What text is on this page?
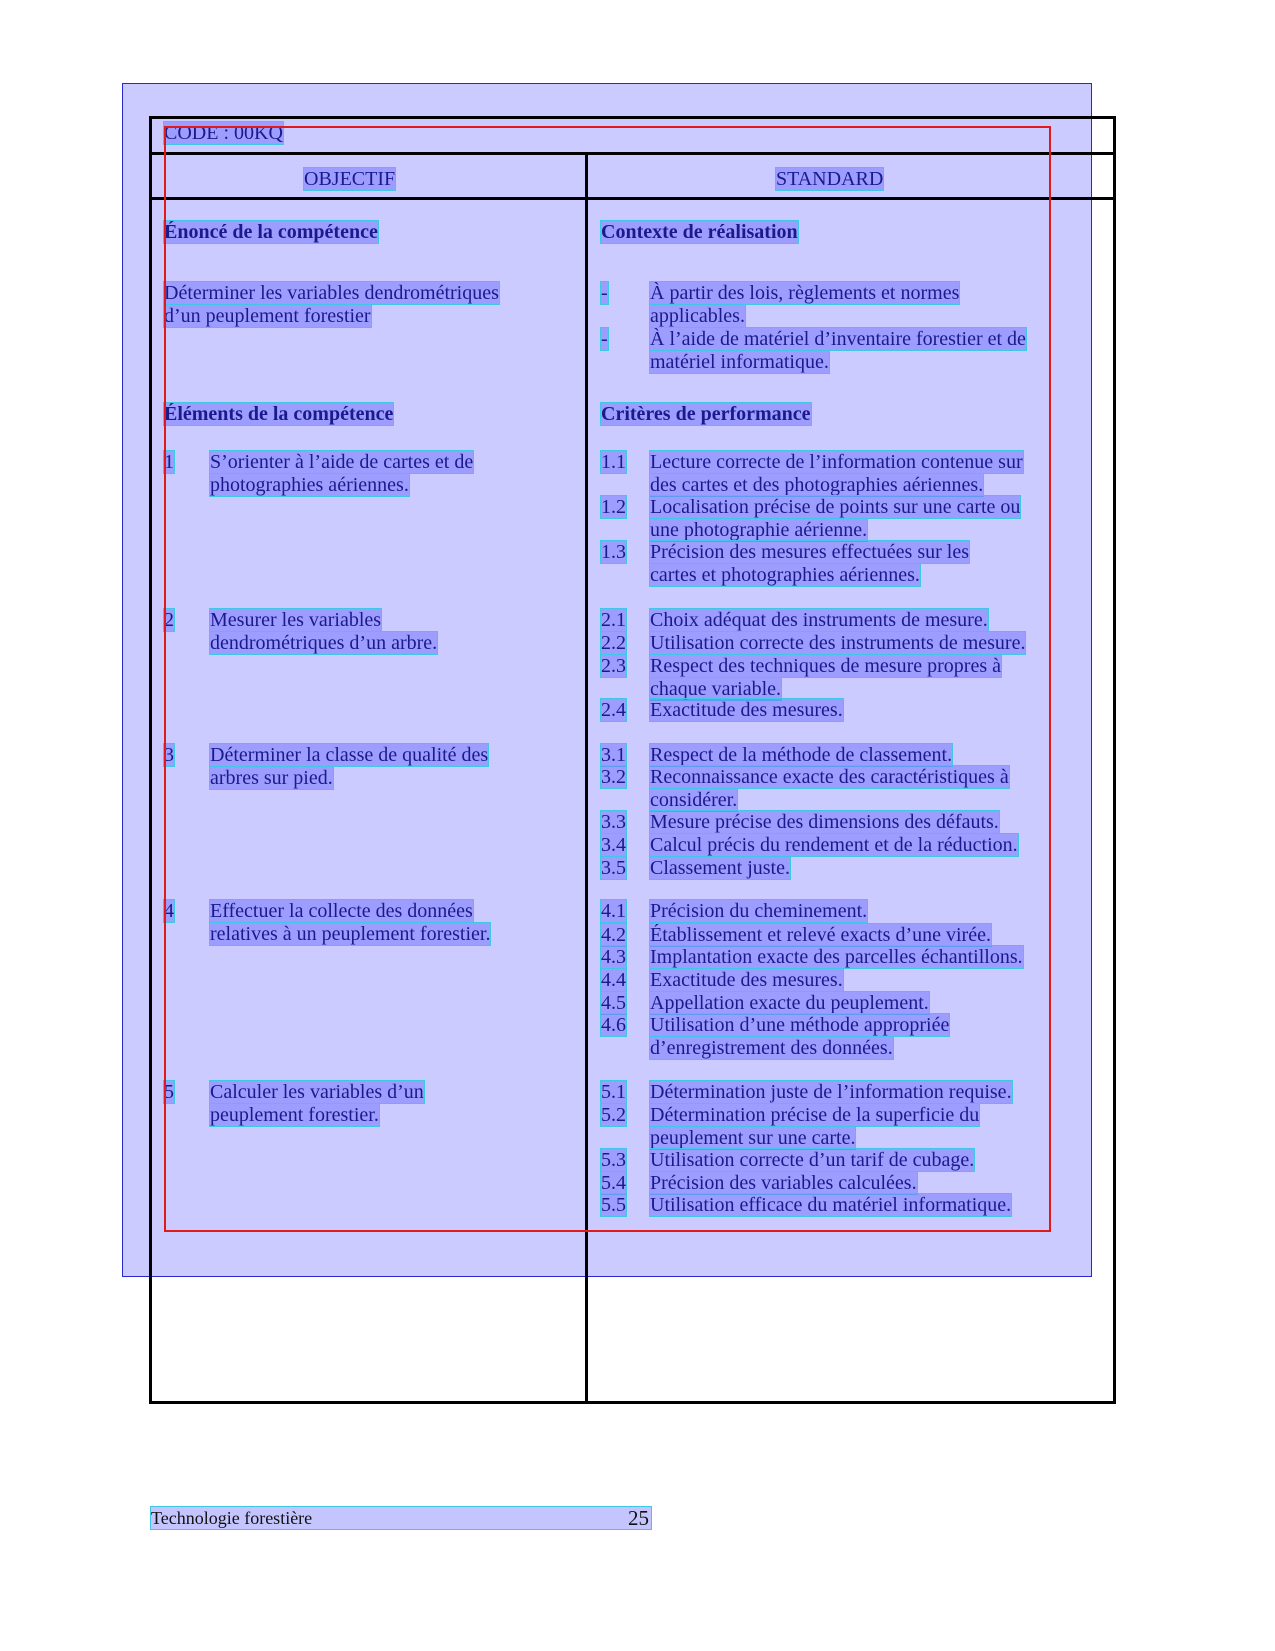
CODE : 00KQ
OBJECTIF	STANDARD
Énoncé de la compétence
Déterminer les variables dendrométriques
d’un peuplement forestier
Éléments de la compétence
1 S’orienter à l’aide de cartes et de
photographies aériennes.
2 Mesurer les variables
dendrométriques d’un arbre.
3 Déterminer la classe de qualité des
arbres sur pied.
4 Effectuer la collecte des données
relatives à un peuplement forestier.
5 Calculer les variables d’un
peuplement forestier.
Contexte de réalisation
- À partir des lois, règlements et normes
applicables.
- À l’aide de matériel d’inventaire forestier et de
matériel informatique.
Critères de performance
1.1 Lecture correcte de l’information contenue sur
des cartes et des photographies aériennes.
1.2 Localisation précise de points sur une carte ou
une photographie aérienne.
1.3 Précision des mesures effectuées sur les
cartes et photographies aériennes.
2.1 Choix adéquat des instruments de mesure.
2.2 Utilisation correcte des instruments de mesure.
2.3 Respect des techniques de mesure propres à
chaque variable.
2.4 Exactitude des mesures.
3.1 Respect de la méthode de classement.
3.2 Reconnaissance exacte des caractéristiques à
considérer.
3.3 Mesure précise des dimensions des défauts.
3.4 Calcul précis du rendement et de la réduction.
3.5 Classement juste.
4.1 Précision du cheminement.
4.2 Établissement et relevé exacts d’une virée.
4.3 Implantation exacte des parcelles échantillons.
4.4 Exactitude des mesures.
4.5 Appellation exacte du peuplement.
4.6 Utilisation d’une méthode appropriée
d’enregistrement des données.
5.1 Détermination juste de l’information requise.
5.2 Détermination précise de la superficie du
peuplement sur une carte.
5.3 Utilisation correcte d’un tarif de cubage.
5.4 Précision des variables calculées.
5.5 Utilisation efficace du matériel informatique.
Technologie forestière	25
